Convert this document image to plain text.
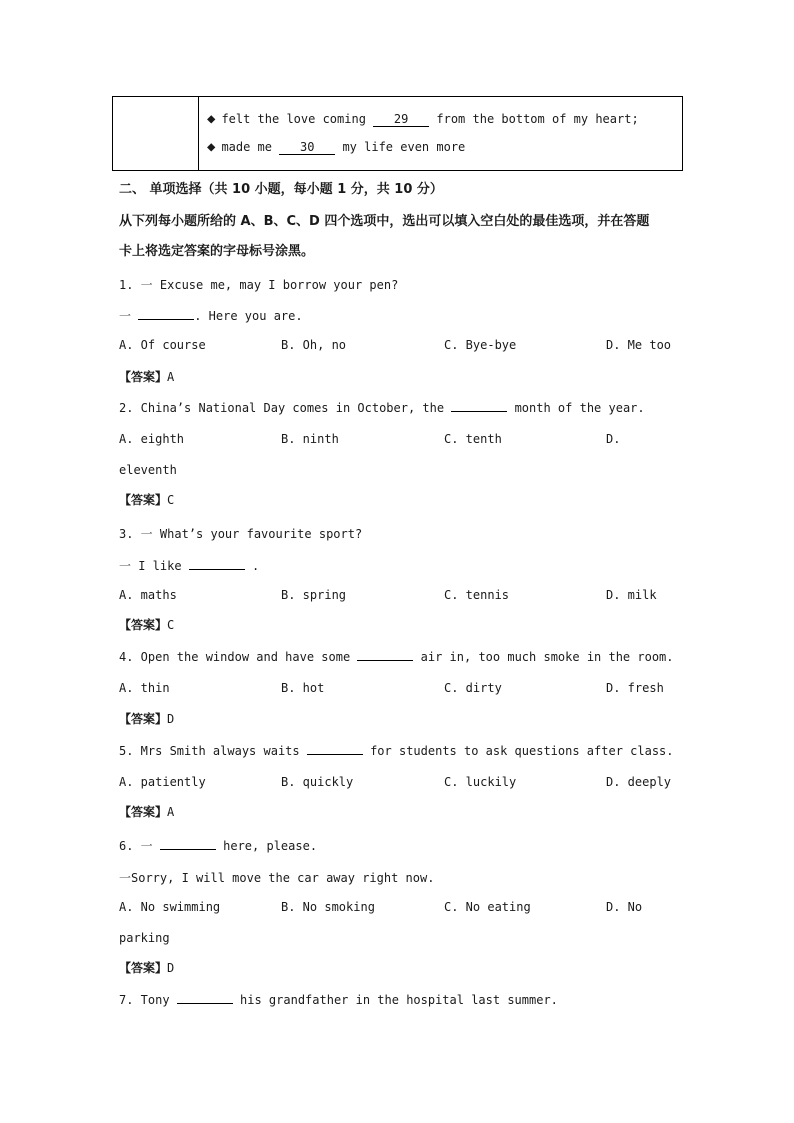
◆ felt the love coming 29 from the bottom of my heart;
◆ made me 30 my life even more
二、 单项选择（共 10 小题，每小题 1 分，共 10 分）
从下列每小题所给的 A、B、C、D 四个选项中，选出可以填入空白处的最佳选项，并在答题
卡上将选定答案的字母标号涂黑。
1. 一 Excuse me, may I borrow your pen?
一	. Here you are.
A. Of course	B. Oh, no	C. Bye-bye	D. Me too
【答案】A
2. China’s National Day comes in October, the	month of the year.
A. eighth	B. ninth	C. tenth	D.
eleventh
【答案】C
3. 一 What’s your favourite sport?
一 I like	.
A. maths	B. spring	C. tennis	D. milk
【答案】C
4. Open the window and have some	air in, too much smoke in the room.
A. thin	B. hot	C. dirty	D. fresh
【答案】D
5. Mrs Smith always waits	for students to ask questions after class.
A. patiently	B. quickly	C. luckily	D. deeply
【答案】A
6. 一	here, please.
一Sorry, I will move the car away right now.
A. No swimming	B. No smoking	C. No eating	D. No
parking
【答案】D
7. Tony	his grandfather in the hospital last summer.
